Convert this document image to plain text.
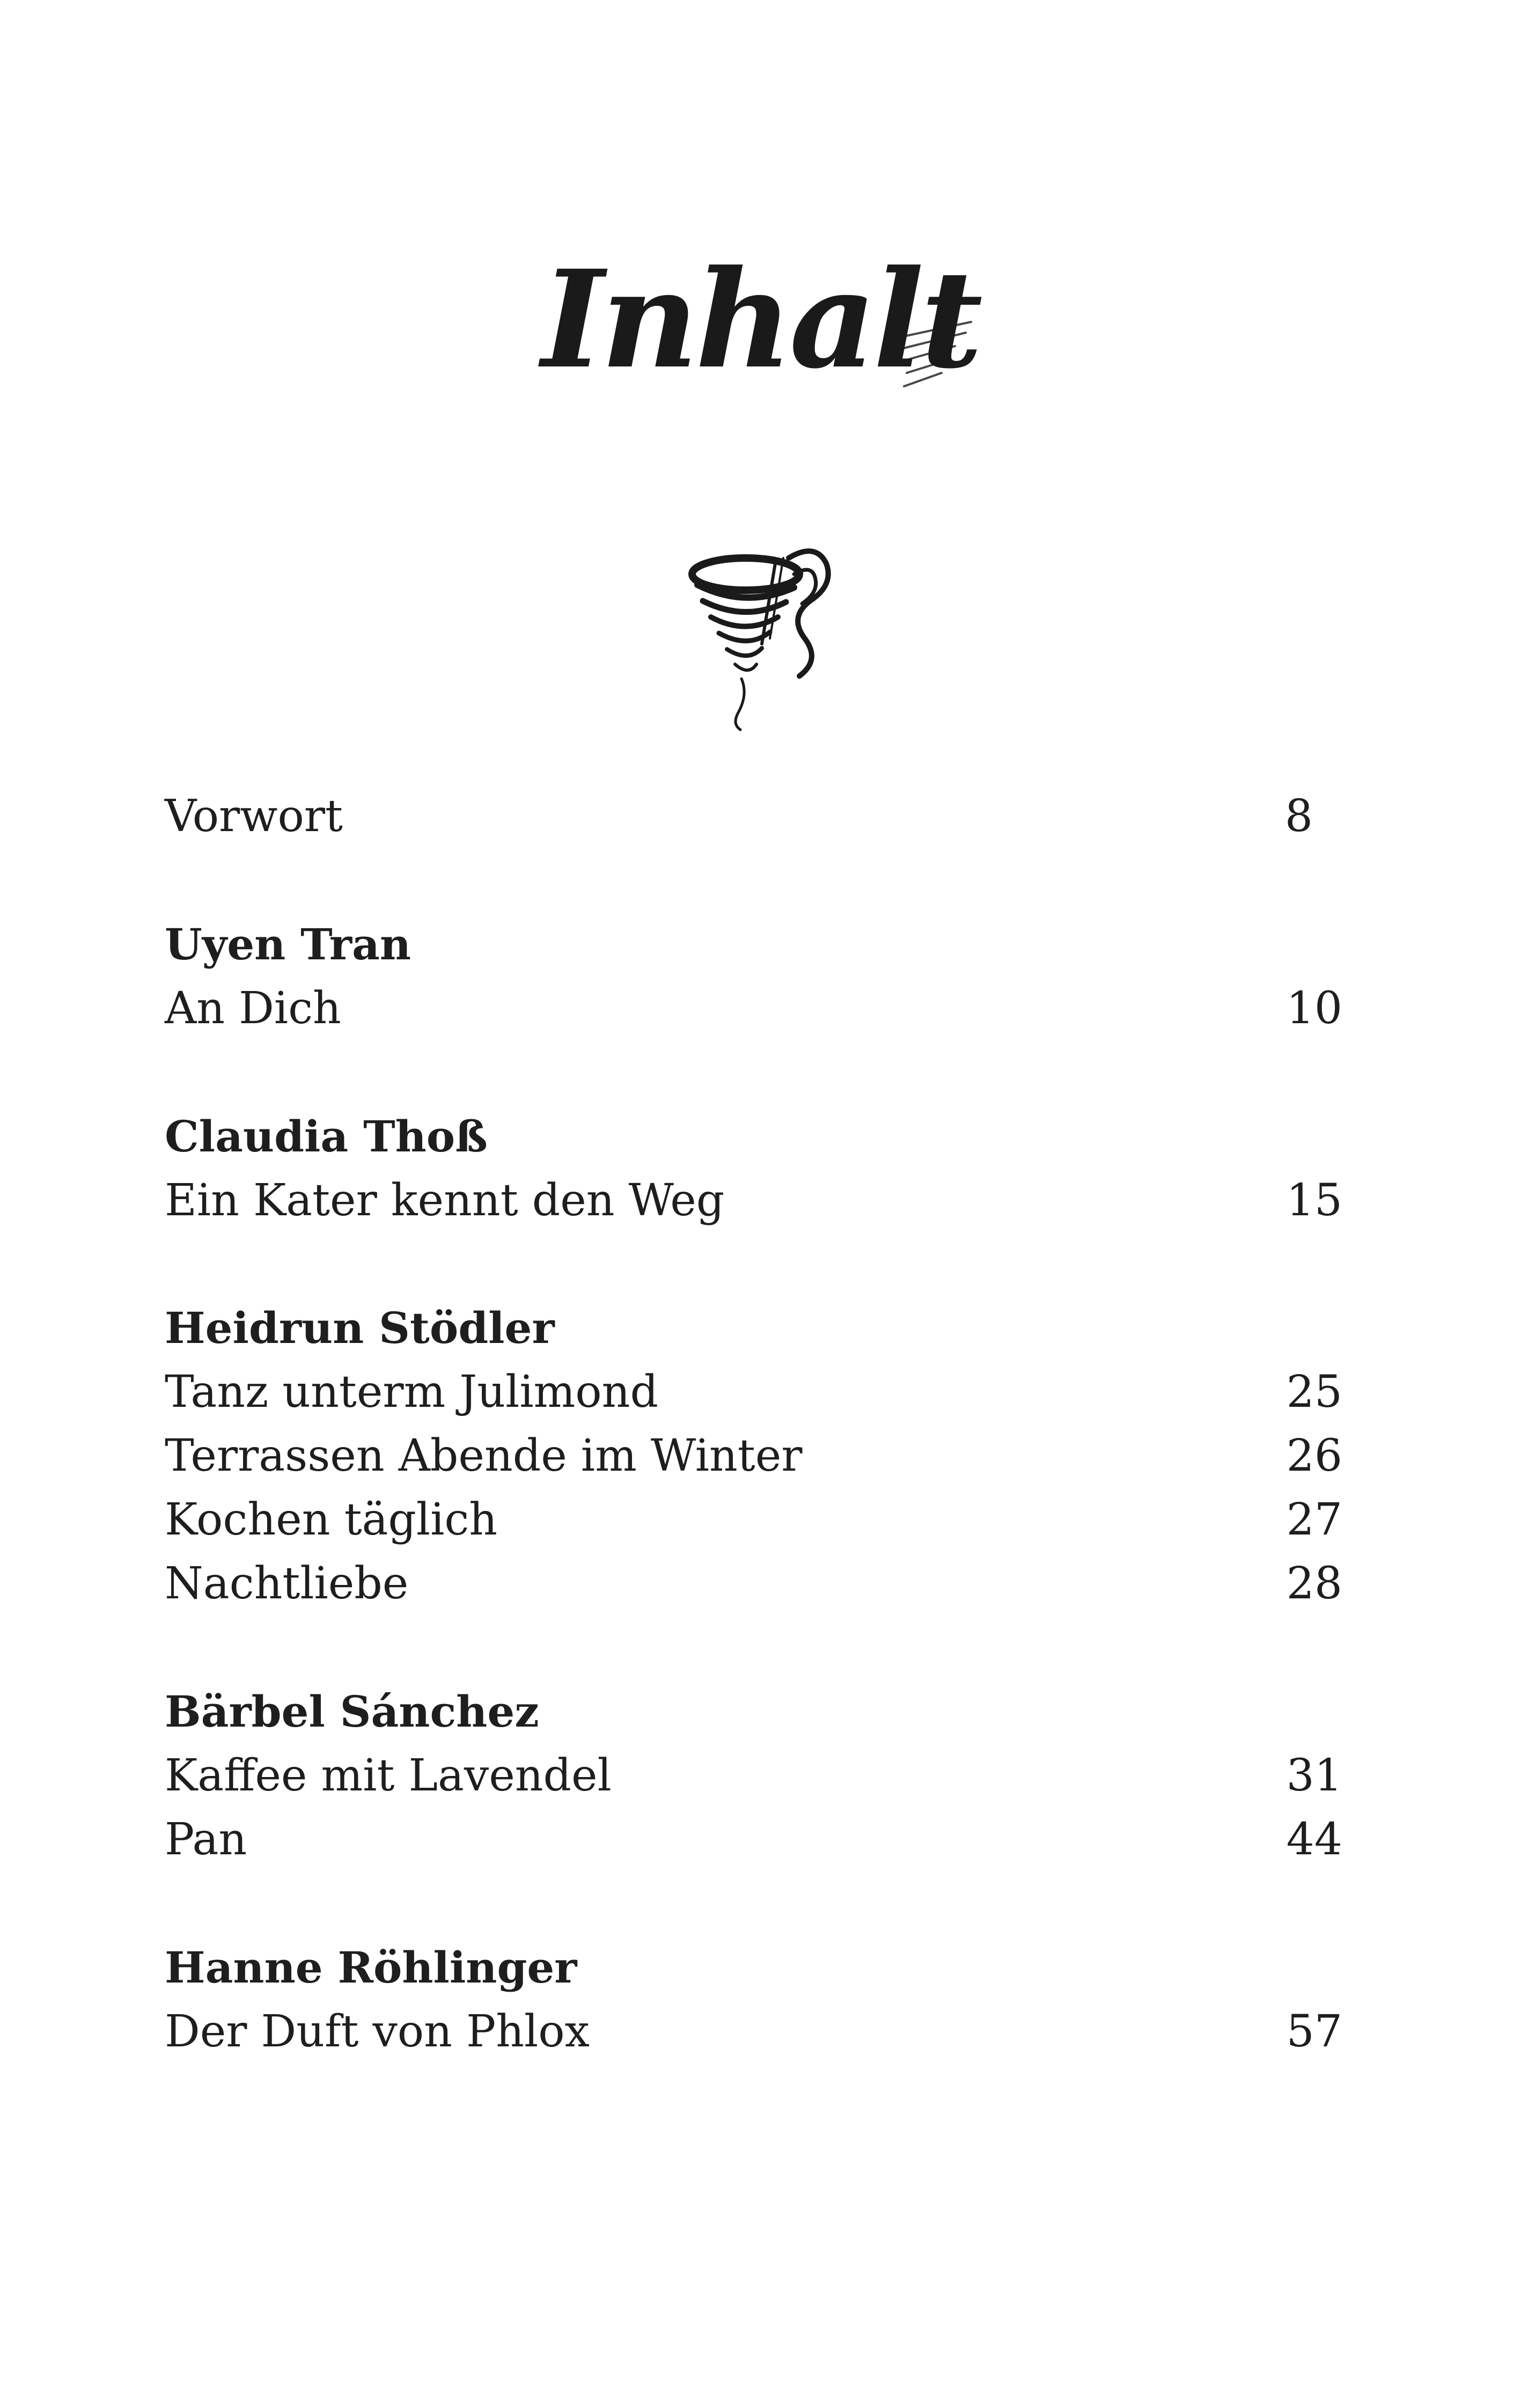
Inhalt
Vorwort	8
Uyen Tran
An Dich	10
Claudia Thoß
Ein Kater kennt den Weg	15
Heidrun Stödler
Tanz unterm Julimond	25
Terrassen Abende im Winter	26
Kochen täglich	27
Nachtliebe	28
Bärbel Sánchez
Kaffee mit Lavendel	31
Pan	44
Hanne Röhlinger
Der Duft von Phlox	57
